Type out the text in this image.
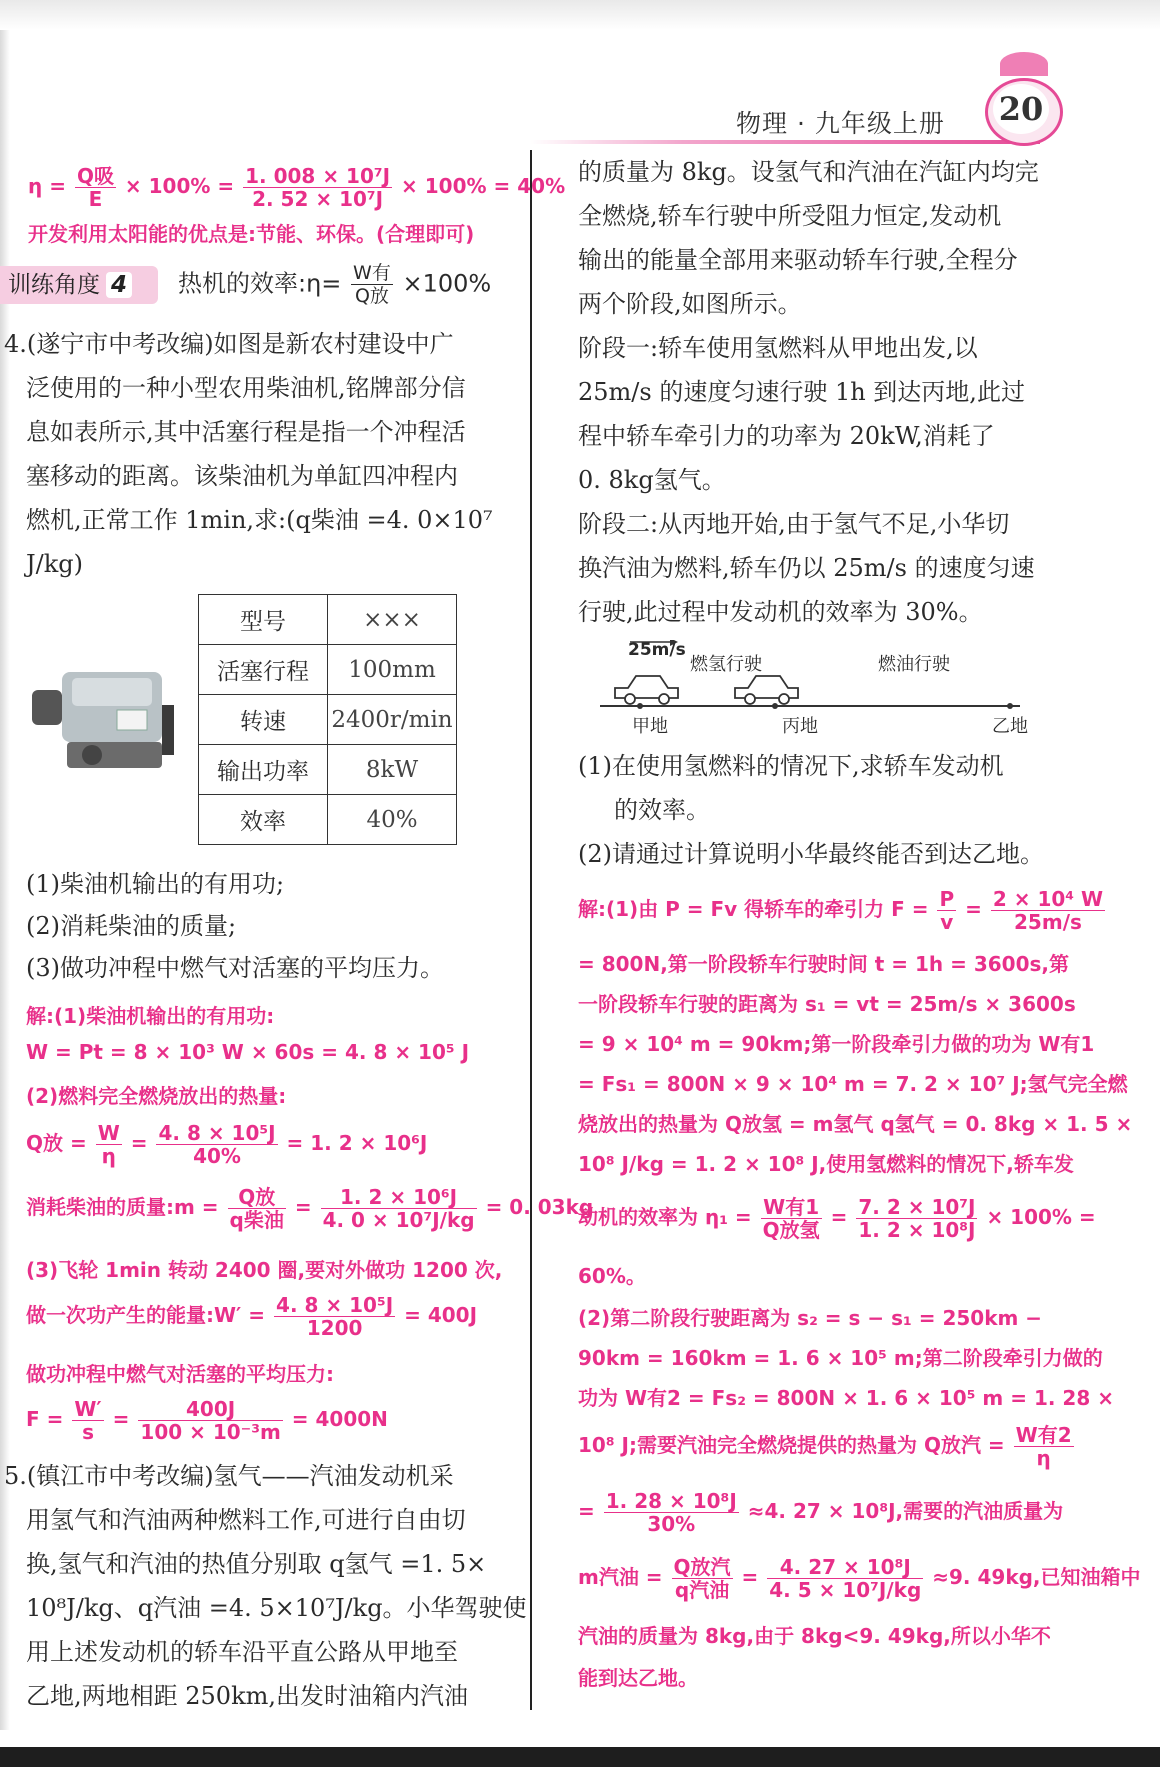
物理 · 九年级上册 20
$\eta = \frac{\text{Q吸}}{E} \times 100\% = \frac{\text{1. 008 × 10⁷J}}{\text{2. 52 × 10⁷J}} \times 100\% = 40\%$
开发利用太阳能的优点是:节能、环保。(合理即可)
训练角度 4	热机的效率:η= $\frac{\text{W有}}{\text{Q放}} \times 100\%$
4.(遂宁市中考改编)如图是新农村建设中广
泛使用的一种小型农用柴油机,铭牌部分信
息如表所示,其中活塞行程是指一个冲程活
塞移动的距离。该柴油机为单缸四冲程内
燃机,正常工作 1min,求:(q柴油 =4. 0×10⁷
J/kg)
型号	×××
活塞行程	100mm
转速	2400r/min
输出功率	8kW
效率	40%
(1)柴油机输出的有用功;
(2)消耗柴油的质量;
(3)做功冲程中燃气对活塞的平均压力。
解:(1)柴油机输出的有用功:
W = Pt = 8 × 10³ W × 60s = 4. 8 × 10⁵ J
(2)燃料完全燃烧放出的热量:
Q放 = $\frac{W}{\eta} = \frac{\text{4. 8 × 10⁵J}}{40\%} = 1$. 2 × 10⁶J
消耗柴油的质量:m = $\frac{\text{Q放}}{\text{q柴油}} = \frac{\text{1. 2 × 10⁶J}}{\text{4. 0 × 10⁷J/kg}} = 0$. 03kg
(3)飞轮 1min 转动 2400 圈,要对外做功 1200 次,
做一次功产生的能量:W′ = $\frac{\text{4. 8 × 10⁵J}}{1200} = 400J$
做功冲程中燃气对活塞的平均压力:
$F = \frac{W'}{s} = \frac{400J}{\text{100 × 10⁻³m}} = 4000N$
5.(镇江市中考改编)氢气——汽油发动机采
用氢气和汽油两种燃料工作,可进行自由切
换,氢气和汽油的热值分别取 q氢气 =1. 5×
10⁸J/kg、q汽油 =4. 5×10⁷J/kg。小华驾驶使
用上述发动机的轿车沿平直公路从甲地至
乙地,两地相距 250km,出发时油箱内汽油
的质量为 8kg。设氢气和汽油在汽缸内均完
全燃烧,轿车行驶中所受阻力恒定,发动机
输出的能量全部用来驱动轿车行驶,全程分
两个阶段,如图所示。
阶段一:轿车使用氢燃料从甲地出发,以
25m/s 的速度匀速行驶 1h 到达丙地,此过
程中轿车牵引力的功率为 20kW,消耗了
0. 8kg氢气。
阶段二:从丙地开始,由于氢气不足,小华切
换汽油为燃料,轿车仍以 25m/s 的速度匀速
行驶,此过程中发动机的效率为 30%。
25m/s
燃氢行驶	燃油行驶
甲地	丙地	乙地
(1)在使用氢燃料的情况下,求轿车发动机
的效率。
(2)请通过计算说明小华最终能否到达乙地。
解:(1)由 P = Fv 得轿车的牵引力 $F = \frac{P}{v} = \frac{\text{2 × 10⁴ W}}{25m/s}$
= 800N,第一阶段轿车行驶时间 t = 1h = 3600s,第
一阶段轿车行驶的距离为 s₁ = vt = 25m/s × 3600s
= 9 × 10⁴ m = 90km;第一阶段牵引力做的功为 W有1
= Fs₁ = 800N × 9 × 10⁴ m = 7. 2 × 10⁷ J;氢气完全燃
烧放出的热量为 Q放氢 = m氢气 q氢气 = 0. 8kg × 1. 5 ×
10⁸ J/kg = 1. 2 × 10⁸ J,使用氢燃料的情况下,轿车发
动机的效率为 $\eta_1 = \frac{\text{W有1}}{\text{Q放氢}} = \frac{\text{7. 2 × 10⁷J}}{\text{1. 2 × 10⁸J}} \times 100\%$ =
60%。
(2)第二阶段行驶距离为 s₂ = s − s₁ = 250km −
90km = 160km = 1. 6 × 10⁵ m;第二阶段牵引力做的
功为 W有2 = Fs₂ = 800N × 1. 6 × 10⁵ m = 1. 28 ×
10⁸ J;需要汽油完全燃烧提供的热量为 Q放汽 = $\frac{\text{W有2}}{\eta}$
= $\frac{\text{1. 28 × 10⁸J}}{30\%} \approx 4$. 27 × 10⁸J,需要的汽油质量为
m汽油 = $\frac{\text{Q放汽}}{\text{q汽油}} = \frac{\text{4. 27 × 10⁸J}}{\text{4. 5 × 10⁷J/kg}} \approx 9$. 49kg,已知油箱中
汽油的质量为 8kg,由于 8kg<9. 49kg,所以小华不
能到达乙地。
